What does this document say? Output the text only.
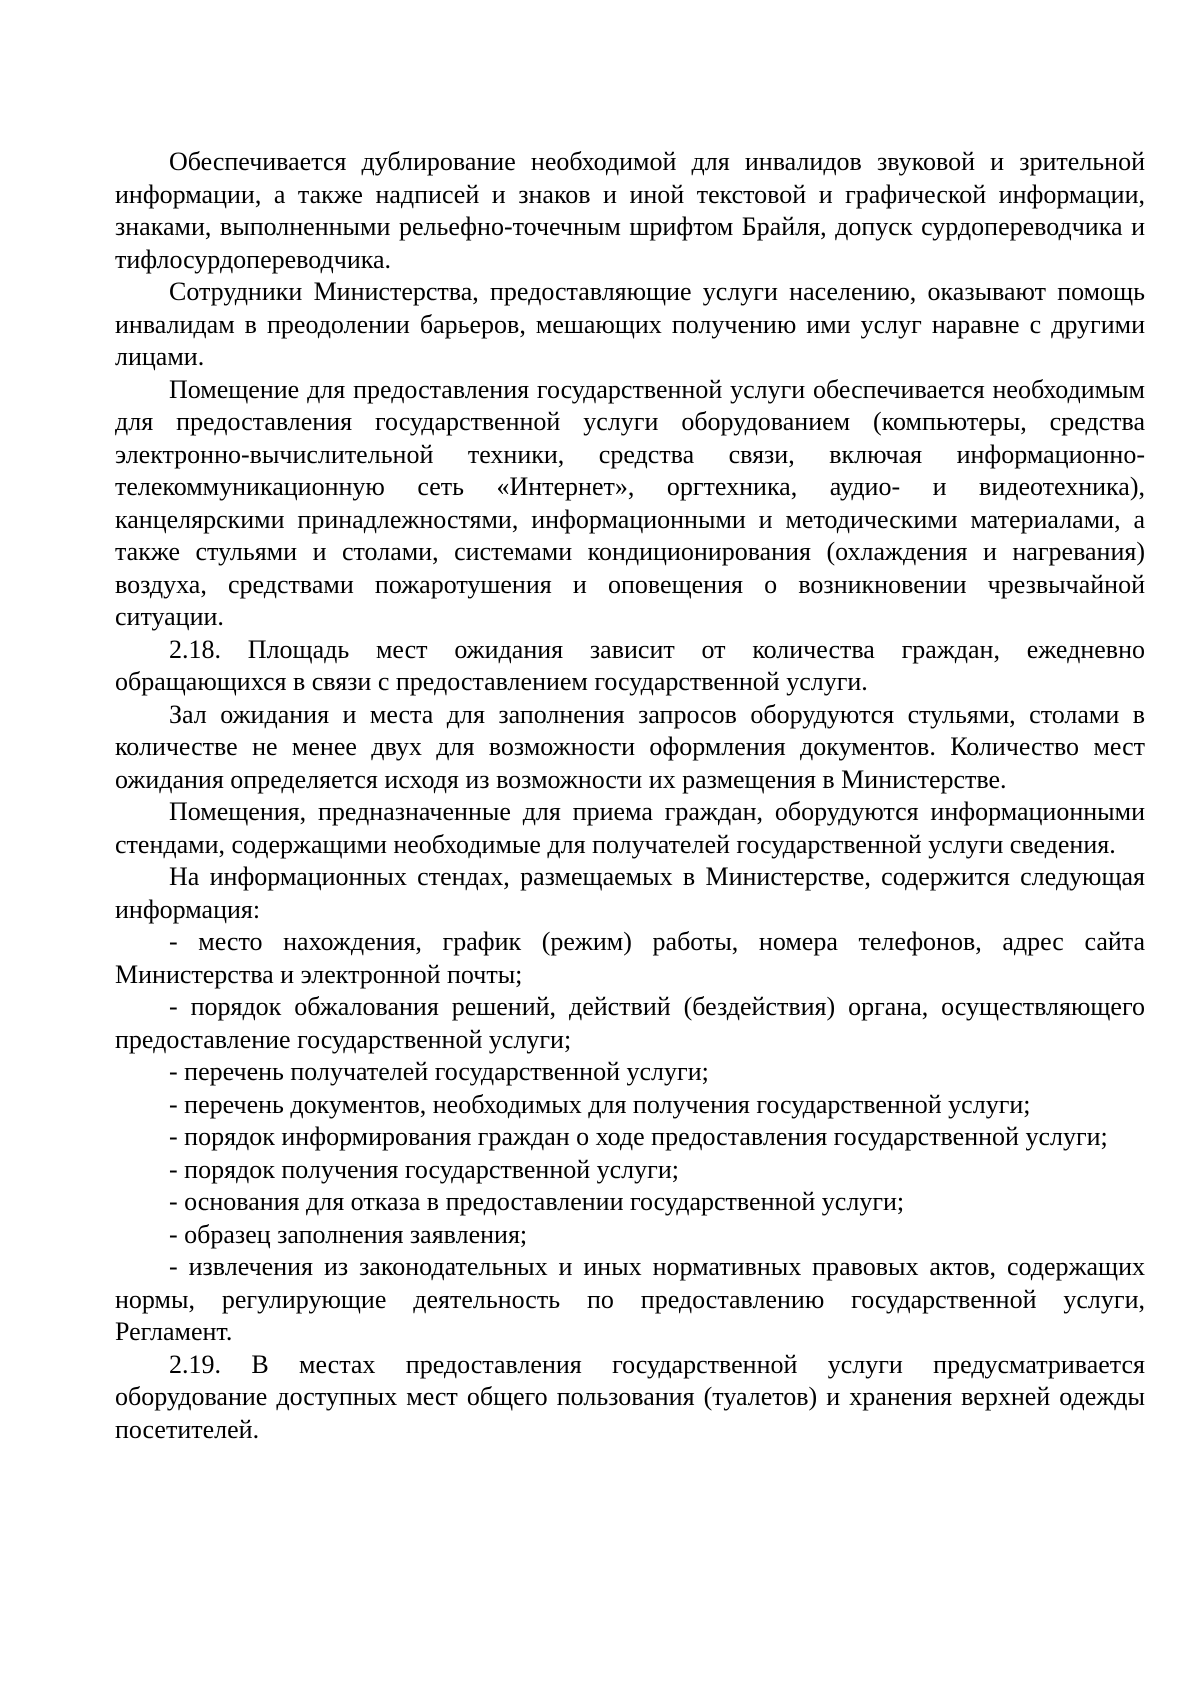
Обеспечивается дублирование необходимой для инвалидов звуковой и зрительной информации, а также надписей и знаков и иной текстовой и графической информации, знаками, выполненными рельефно-точечным шрифтом Брайля, допуск сурдопереводчика и тифлосурдопереводчика.

Сотрудники Министерства, предоставляющие услуги населению, оказывают помощь инвалидам в преодолении барьеров, мешающих получению ими услуг наравне с другими лицами.

Помещение для предоставления государственной услуги обеспечивается необходимым для предоставления государственной услуги оборудованием (компьютеры, средства электронно-вычислительной техники, средства связи, включая информационно-телекоммуникационную сеть «Интернет», оргтехника, аудио- и видеотехника), канцелярскими принадлежностями, информационными и методическими материалами, а также стульями и столами, системами кондиционирования (охлаждения и нагревания) воздуха, средствами пожаротушения и оповещения о возникновении чрезвычайной ситуации.

2.18. Площадь мест ожидания зависит от количества граждан, ежедневно обращающихся в связи с предоставлением государственной услуги.

Зал ожидания и места для заполнения запросов оборудуются стульями, столами в количестве не менее двух для возможности оформления документов. Количество мест ожидания определяется исходя из возможности их размещения в Министерстве.

Помещения, предназначенные для приема граждан, оборудуются информационными стендами, содержащими необходимые для получателей государственной услуги сведения.

На информационных стендах, размещаемых в Министерстве, содержится следующая информация:

- место нахождения, график (режим) работы, номера телефонов, адрес сайта Министерства и электронной почты;

- порядок обжалования решений, действий (бездействия) органа, осуществляющего предоставление государственной услуги;

- перечень получателей государственной услуги;

- перечень документов, необходимых для получения государственной услуги;

- порядок информирования граждан о ходе предоставления государственной услуги;

- порядок получения государственной услуги;

- основания для отказа в предоставлении государственной услуги;

- образец заполнения заявления;

- извлечения из законодательных и иных нормативных правовых актов, содержащих нормы, регулирующие деятельность по предоставлению государственной услуги, Регламент.

2.19. В местах предоставления государственной услуги предусматривается оборудование доступных мест общего пользования (туалетов) и хранения верхней одежды посетителей.
